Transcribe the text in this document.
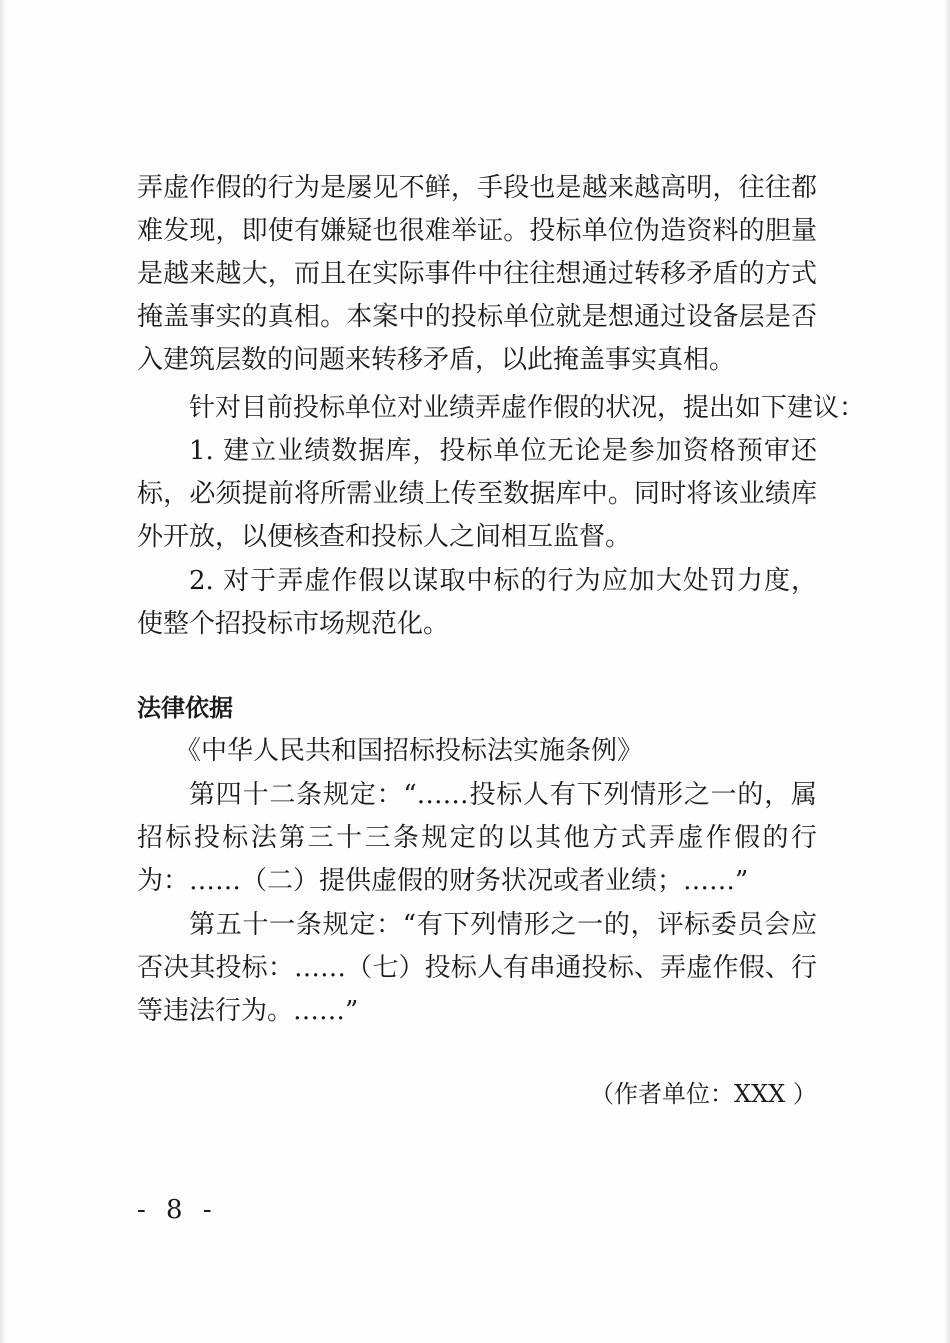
弄虚作假的行为是屡见不鲜，手段也是越来越高明，往往都
难发现，即使有嫌疑也很难举证。投标单位伪造资料的胆量
是越来越大，而且在实际事件中往往想通过转移矛盾的方式
掩盖事实的真相。本案中的投标单位就是想通过设备层是否
入建筑层数的问题来转移矛盾，以此掩盖事实真相。
针对目前投标单位对业绩弄虚作假的状况，提出如下建议：
1. 建立业绩数据库，投标单位无论是参加资格预审还
标，必须提前将所需业绩上传至数据库中。同时将该业绩库
外开放，以便核查和投标人之间相互监督。
2. 对于弄虚作假以谋取中标的行为应加大处罚力度，
使整个招投标市场规范化。
法律依据
《中华人民共和国招标投标法实施条例》
第四十二条规定：“……投标人有下列情形之一的，属
招标投标法第三十三条规定的以其他方式弄虚作假的行
为：……（二）提供虚假的财务状况或者业绩；……”
第五十一条规定：“有下列情形之一的，评标委员会应
否决其投标：……（七）投标人有串通投标、弄虚作假、行
等违法行为。……”
（作者单位：XXX ）
- 8 -
